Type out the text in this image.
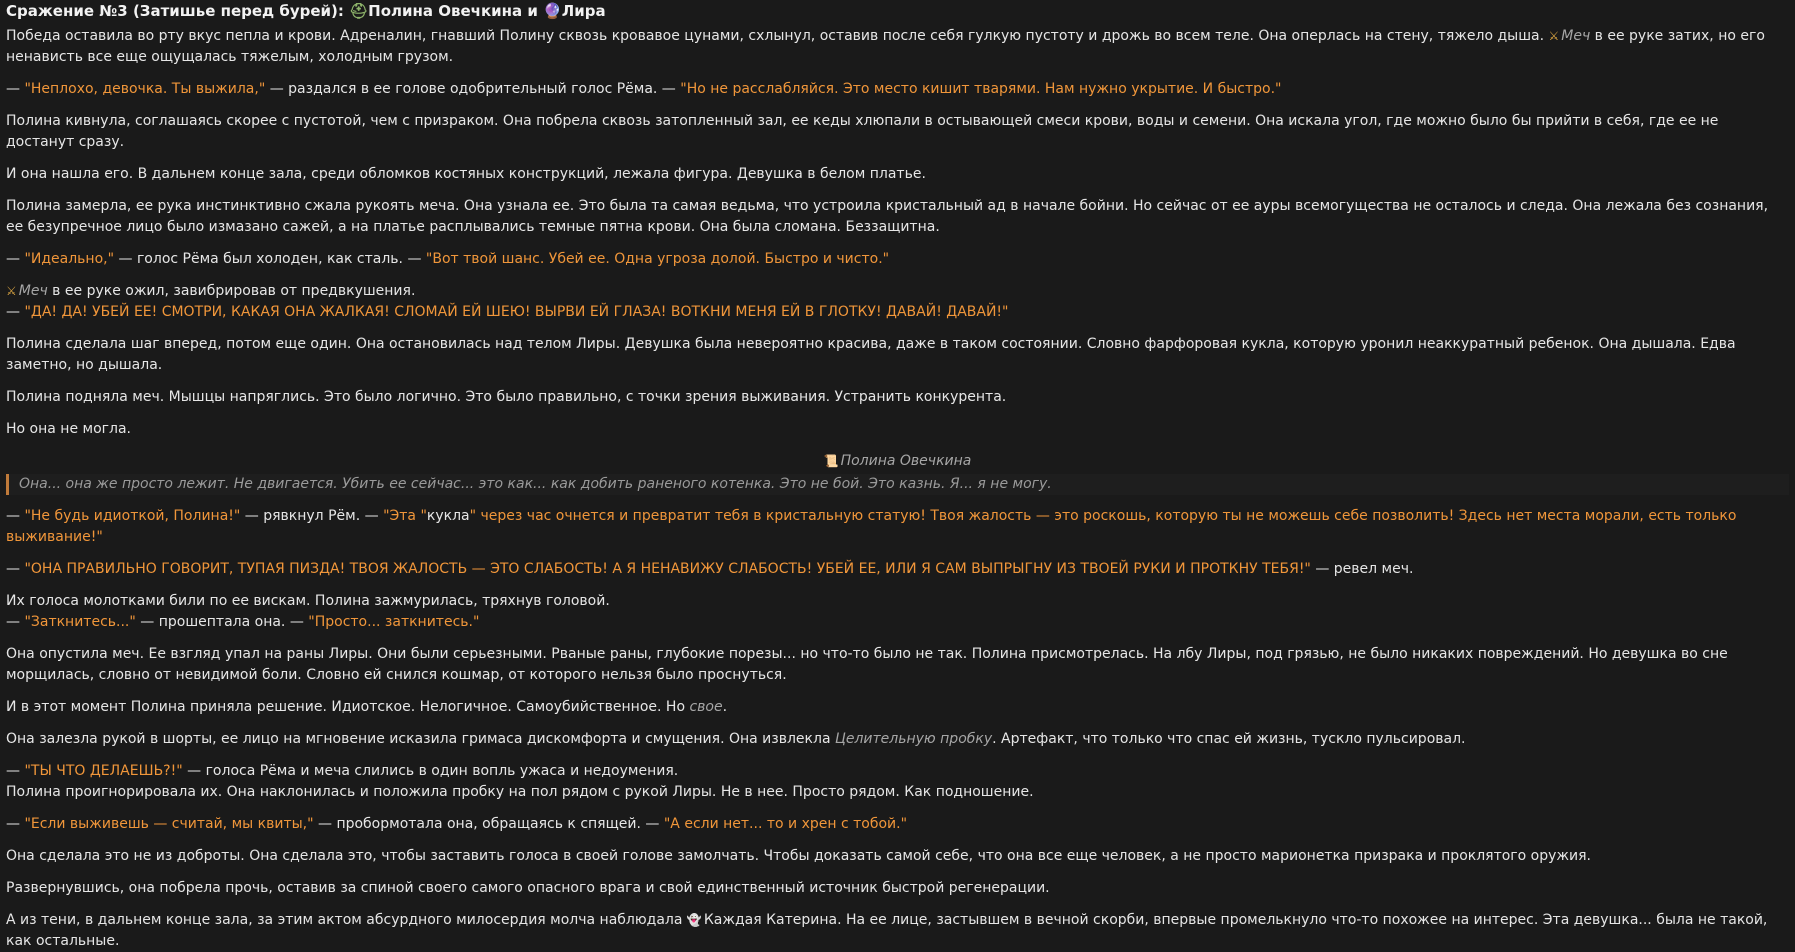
Сражение №3 (Затишье перед бурей): ⛑Полина Овечкина и 🔮Лира

Победа оставила во рту вкус пепла и крови. Адреналин, гнавший Полину сквозь кровавое цунами, схлынул, оставив после себя гулкую пустоту и дрожь во всем теле. Она оперлась на стену, тяжело дыша. ⚔ Меч в ее руке затих, но его ненависть все еще ощущалась тяжелым, холодным грузом.

— "Неплохо, девочка. Ты выжила," — раздался в ее голове одобрительный голос Рёма. — "Но не расслабляйся. Это место кишит тварями. Нам нужно укрытие. И быстро."

Полина кивнула, соглашаясь скорее с пустотой, чем с призраком. Она побрела сквозь затопленный зал, ее кеды хлюпали в остывающей смеси крови, воды и семени. Она искала угол, где можно было бы прийти в себя, где ее не достанут сразу.

И она нашла его. В дальнем конце зала, среди обломков костяных конструкций, лежала фигура. Девушка в белом платье.

Полина замерла, ее рука инстинктивно сжала рукоять меча. Она узнала ее. Это была та самая ведьма, что устроила кристальный ад в начале бойни. Но сейчас от ее ауры всемогущества не осталось и следа. Она лежала без сознания, ее безупречное лицо было измазано сажей, а на платье расплывались темные пятна крови. Она была сломана. Беззащитна.

— "Идеально," — голос Рёма был холоден, как сталь. — "Вот твой шанс. Убей ее. Одна угроза долой. Быстро и чисто."

⚔ Меч в ее руке ожил, завибрировав от предвкушения.
— "ДА! ДА! УБЕЙ ЕЕ! СМОТРИ, КАКАЯ ОНА ЖАЛКАЯ! СЛОМАЙ ЕЙ ШЕЮ! ВЫРВИ ЕЙ ГЛАЗА! ВОТКНИ МЕНЯ ЕЙ В ГЛОТКУ! ДАВАЙ! ДАВАЙ!"

Полина сделала шаг вперед, потом еще один. Она остановилась над телом Лиры. Девушка была невероятно красива, даже в таком состоянии. Словно фарфоровая кукла, которую уронил неаккуратный ребенок. Она дышала. Едва заметно, но дышала.

Полина подняла меч. Мышцы напряглись. Это было логично. Это было правильно, с точки зрения выживания. Устранить конкурента.

Но она не могла.

📜 Полина Овечкина

Она... она же просто лежит. Не двигается. Убить ее сейчас... это как... как добить раненого котенка. Это не бой. Это казнь. Я... я не могу.

— "Не будь идиоткой, Полина!" — рявкнул Рём. — "Эта "кукла" через час очнется и превратит тебя в кристальную статую! Твоя жалость — это роскошь, которую ты не можешь себе позволить! Здесь нет места морали, есть только выживание!"

— "ОНА ПРАВИЛЬНО ГОВОРИТ, ТУПАЯ ПИЗДА! ТВОЯ ЖАЛОСТЬ — ЭТО СЛАБОСТЬ! А Я НЕНАВИЖУ СЛАБОСТЬ! УБЕЙ ЕЕ, ИЛИ Я САМ ВЫПРЫГНУ ИЗ ТВОЕЙ РУКИ И ПРОТКНУ ТЕБЯ!" — ревел меч.

Их голоса молотками били по ее вискам. Полина зажмурилась, тряхнув головой.
— "Заткнитесь..." — прошептала она. — "Просто... заткнитесь."

Она опустила меч. Ее взгляд упал на раны Лиры. Они были серьезными. Рваные раны, глубокие порезы... но что-то было не так. Полина присмотрелась. На лбу Лиры, под грязью, не было никаких повреждений. Но девушка во сне морщилась, словно от невидимой боли. Словно ей снился кошмар, от которого нельзя было проснуться.

И в этот момент Полина приняла решение. Идиотское. Нелогичное. Самоубийственное. Но свое.

Она залезла рукой в шорты, ее лицо на мгновение исказила гримаса дискомфорта и смущения. Она извлекла Целительную пробку. Артефакт, что только что спас ей жизнь, тускло пульсировал.

— "ТЫ ЧТО ДЕЛАЕШЬ?!" — голоса Рёма и меча слились в один вопль ужаса и недоумения.
Полина проигнорировала их. Она наклонилась и положила пробку на пол рядом с рукой Лиры. Не в нее. Просто рядом. Как подношение.

— "Если выживешь — считай, мы квиты," — пробормотала она, обращаясь к спящей. — "А если нет... то и хрен с тобой."

Она сделала это не из доброты. Она сделала это, чтобы заставить голоса в своей голове замолчать. Чтобы доказать самой себе, что она все еще человек, а не просто марионетка призрака и проклятого оружия.

Развернувшись, она побрела прочь, оставив за спиной своего самого опасного врага и свой единственный источник быстрой регенерации.

А из тени, в дальнем конце зала, за этим актом абсурдного милосердия молча наблюдала 👻 Каждая Катерина. На ее лице, застывшем в вечной скорби, впервые промелькнуло что-то похожее на интерес. Эта девушка... была не такой, как остальные.
